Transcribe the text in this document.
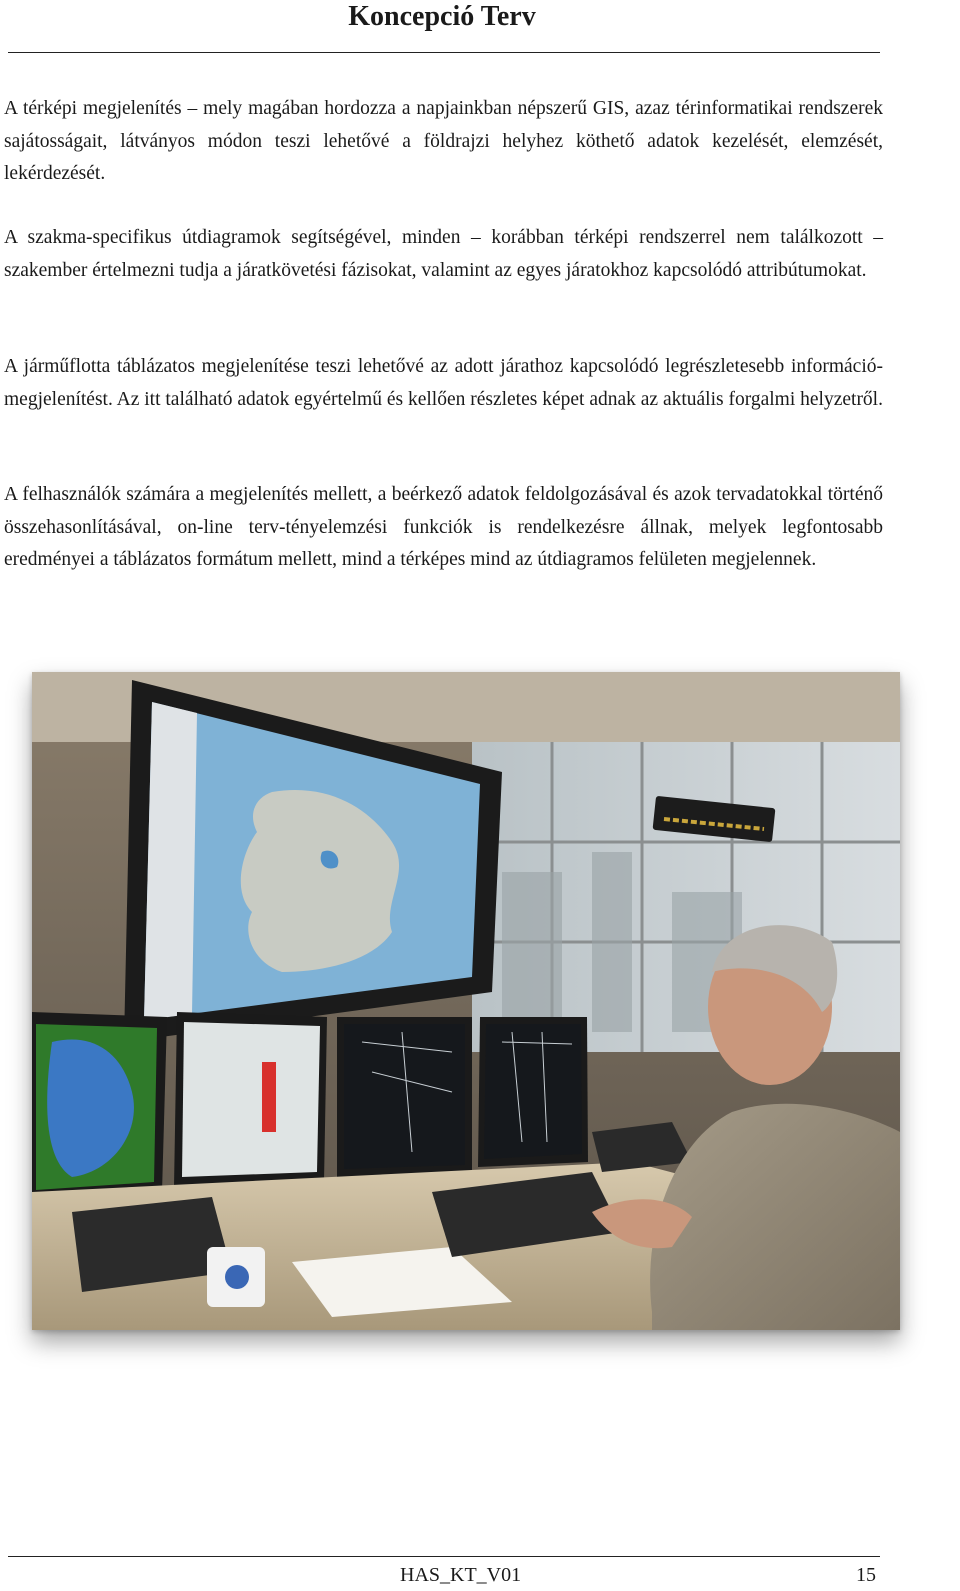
Koncepció Terv

A térképi megjelenítés – mely magában hordozza a napjainkban népszerű GIS, azaz térinformatikai rendszerek sajátosságait, látványos módon teszi lehetővé a földrajzi helyhez köthető adatok kezelését, elemzését, lekérdezését.

A szakma-specifikus útdiagramok segítségével, minden – korábban térképi rendszerrel nem találkozott – szakember értelmezni tudja a járatkövetési fázisokat, valamint az egyes járatokhoz kapcsolódó attribútumokat.

A járműflotta táblázatos megjelenítése teszi lehetővé az adott járathoz kapcsolódó legrészletesebb információ-megjelenítést. Az itt található adatok egyértelmű és kellően részletes képet adnak az aktuális forgalmi helyzetről.

A felhasználók számára a megjelenítés mellett, a beérkező adatok feldolgozásával és azok tervadatokkal történő összehasonlításával, on-line terv-tényelemzési funkciók is rendelkezésre állnak, melyek legfontosabb eredményei a táblázatos formátum mellett, mind a térképes mind az útdiagramos felületen megjelennek.

HAS_KT_V01	15
